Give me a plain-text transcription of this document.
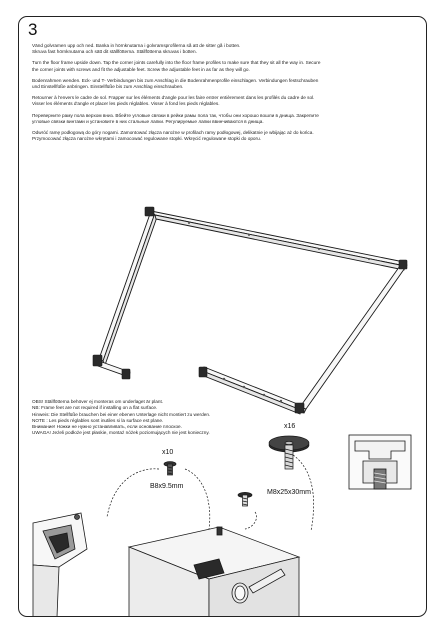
3

Vänd golvramen upp och ned. Banka in hörnknutarna i golvramsprofilerna så att de sitter gå i botten.
Skruva fast hörnknutarna och sätt dit ställfötterna. Ställfötterna skruvas i botten.

Turn the floor frame upside down. Tap the corner joints carefully into the floor frame profiles to make sure that they sit all the way in. Secure
the corner joints with screws and fit the adjustable feet. Screw the adjustable feet in as far as they will go.

Bodenrahmen wenden. Eck- und T- Verbindungen bis zum Anschlag in die Bodenrahmenprofile einschlagen. Verbindungen festschrauben
und Einstellfüße anbringen. Einstellfüße bis zum Anschlag einschrauben.

Retourner à l'envers le cadre de sol. Frapper sur les éléments d'angle pour les faire entrer entièrement dans les profilés du cadre de sol.
Visser les éléments d'angle et placer les pieds réglables. Visser à fond les pieds réglables.

Переверните раму пола верхом вниз. Вбейте угловые связки в рейки рамы пола так, чтобы они хорошо вошли в днища. Закрепите
угловые связки винтами и установите в них стальные лапки. Регулируемые лапки ввинчиваются в днища.

Odwróć ramę podłogową do góry nogami. Zamontować złącza narożne w profilach ramy podłogowej, delikatnie je wbijając aż do końca.
Przymocować złącza narożne wkrętami i zamocować regulowane stopki. Wkręcić regulowane stopki do oporu.

OBS! Ställfötterna behöver ej monteras om underlaget är plant.
NB: Frame feet are not required if installing on a flat surface.
Hinweis: Die Stellfüße brauchen bei einer ebenen Unterlage nicht montiert zu werden.
NOTE : Les pieds réglables sont inutiles si la surface est plane.
Внимание! Ножки не нужно устанавливать, если основание плоское.
UWAGA! Jeżeli podłoże jest płaskie, montaż nóżek poziomujących nie jest konieczny.
x10
B8x9.5mm
x16
M8x25x30mm
